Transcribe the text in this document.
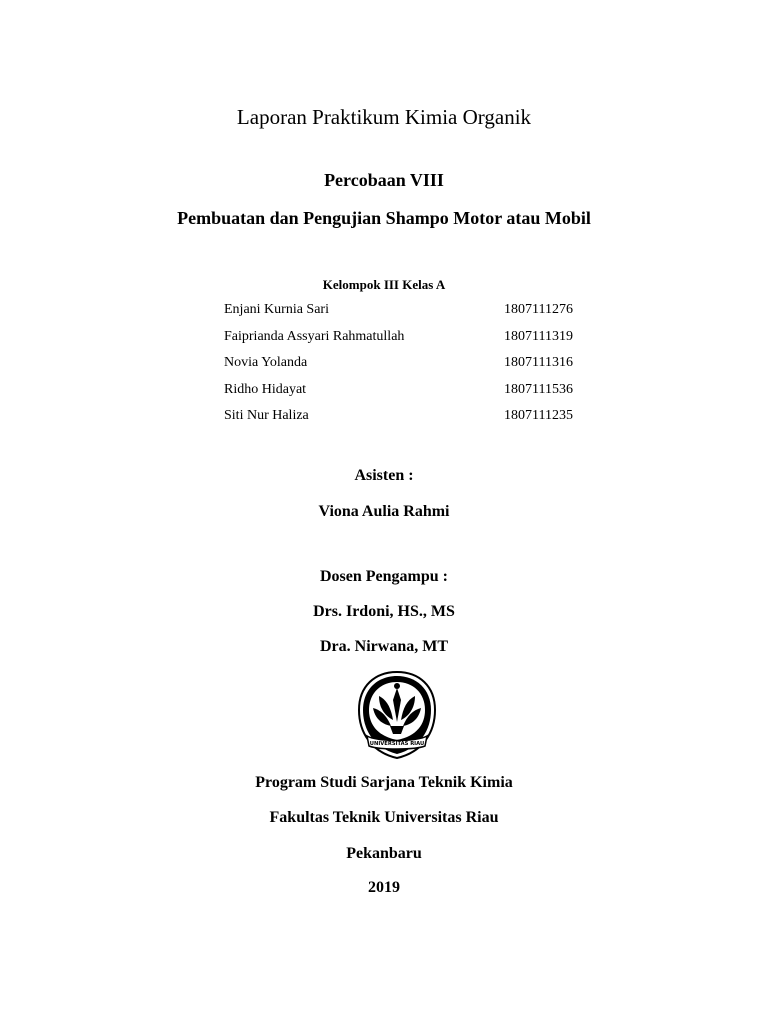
Laporan Praktikum Kimia Organik
Percobaan VIII
Pembuatan dan Pengujian Shampo Motor atau Mobil
Kelompok III Kelas A
Enjani Kurnia Sari	1807111276
Faiprianda Assyari Rahmatullah	1807111319
Novia Yolanda	1807111316
Ridho Hidayat	1807111536
Siti Nur Haliza	1807111235
Asisten :
Viona Aulia Rahmi
Dosen Pengampu :
Drs. Irdoni, HS., MS
Dra. Nirwana, MT
UNIVERSITAS RIAU
Program Studi Sarjana Teknik Kimia
Fakultas Teknik Universitas Riau
Pekanbaru
2019
